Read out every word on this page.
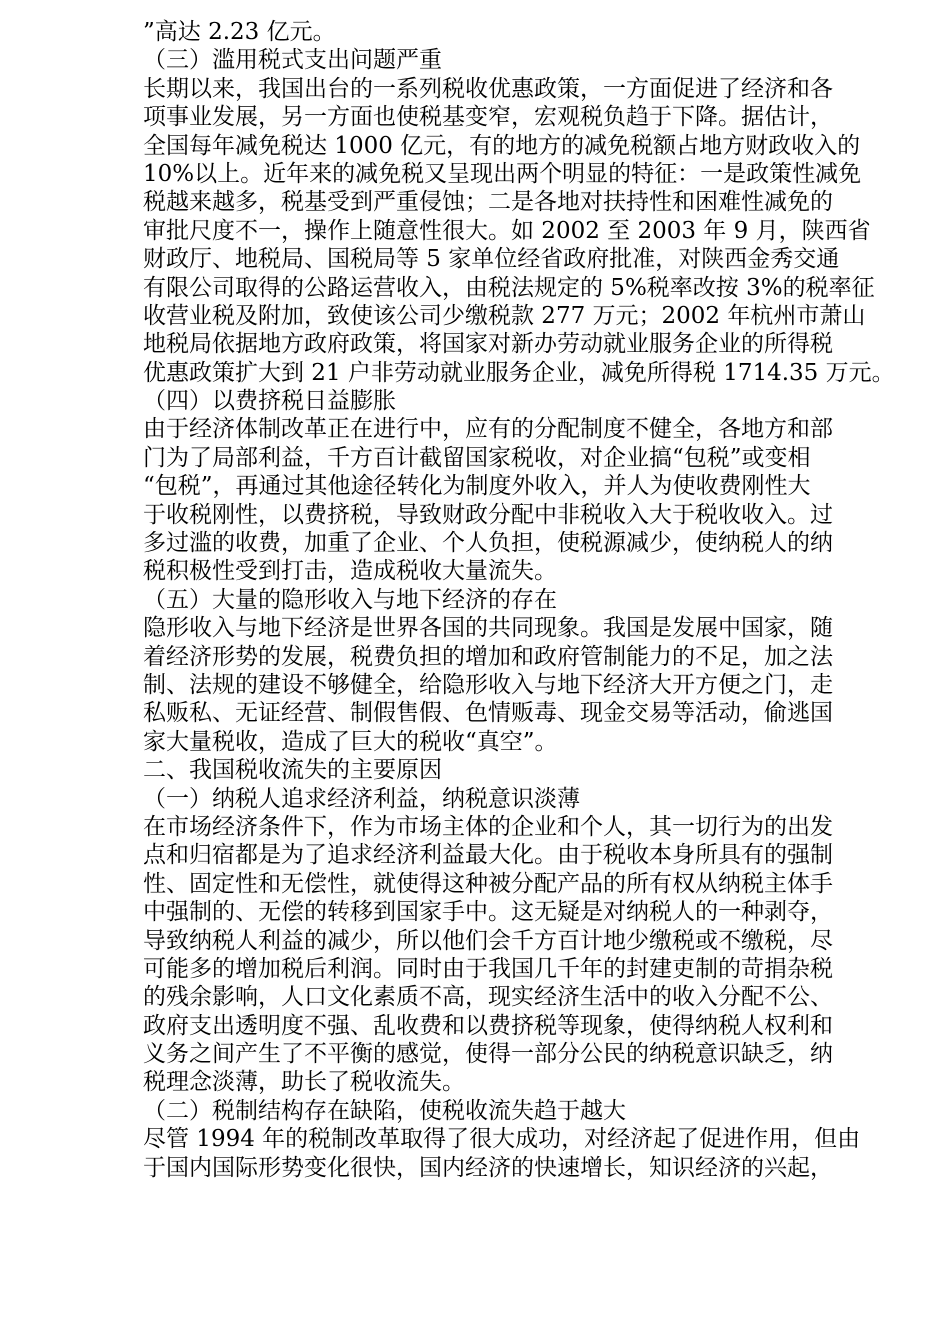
”高达 2.23 亿元。

（三）滥用税式支出问题严重

长期以来，我国出台的一系列税收优惠政策，一方面促进了经济和各

项事业发展，另一方面也使税基变窄，宏观税负趋于下降。据估计，

全国每年减免税达 1000 亿元，有的地方的减免税额占地方财政收入的

10%以上。近年来的减免税又呈现出两个明显的特征：一是政策性减免

税越来越多，税基受到严重侵蚀；二是各地对扶持性和困难性减免的

审批尺度不一，操作上随意性很大。如 2002 至 2003 年 9 月，陕西省

财政厅、地税局、国税局等 5 家单位经省政府批准，对陕西金秀交通

有限公司取得的公路运营收入，由税法规定的 5%税率改按 3%的税率征

收营业税及附加，致使该公司少缴税款 277 万元；2002 年杭州市萧山

地税局依据地方政府政策，将国家对新办劳动就业服务企业的所得税

优惠政策扩大到 21 户非劳动就业服务企业，减免所得税 1714.35 万元。

（四）以费挤税日益膨胀

由于经济体制改革正在进行中，应有的分配制度不健全，各地方和部

门为了局部利益，千方百计截留国家税收，对企业搞“包税”或变相

“包税”，再通过其他途径转化为制度外收入，并人为使收费刚性大

于收税刚性，以费挤税，导致财政分配中非税收入大于税收收入。过

多过滥的收费，加重了企业、个人负担，使税源减少，使纳税人的纳

税积极性受到打击，造成税收大量流失。

（五）大量的隐形收入与地下经济的存在

隐形收入与地下经济是世界各国的共同现象。我国是发展中国家，随

着经济形势的发展，税费负担的增加和政府管制能力的不足，加之法

制、法规的建设不够健全，给隐形收入与地下经济大开方便之门，走

私贩私、无证经营、制假售假、色情贩毒、现金交易等活动，偷逃国

家大量税收，造成了巨大的税收“真空”。

二、我国税收流失的主要原因

（一）纳税人追求经济利益，纳税意识淡薄

在市场经济条件下，作为市场主体的企业和个人，其一切行为的出发

点和归宿都是为了追求经济利益最大化。由于税收本身所具有的强制

性、固定性和无偿性，就使得这种被分配产品的所有权从纳税主体手

中强制的、无偿的转移到国家手中。这无疑是对纳税人的一种剥夺，

导致纳税人利益的减少，所以他们会千方百计地少缴税或不缴税，尽

可能多的增加税后利润。同时由于我国几千年的封建吏制的苛捐杂税

的残余影响，人口文化素质不高，现实经济生活中的收入分配不公、

政府支出透明度不强、乱收费和以费挤税等现象，使得纳税人权利和

义务之间产生了不平衡的感觉，使得一部分公民的纳税意识缺乏，纳

税理念淡薄，助长了税收流失。

（二）税制结构存在缺陷，使税收流失趋于越大

尽管 1994 年的税制改革取得了很大成功，对经济起了促进作用，但由

于国内国际形势变化很快，国内经济的快速增长，知识经济的兴起，
